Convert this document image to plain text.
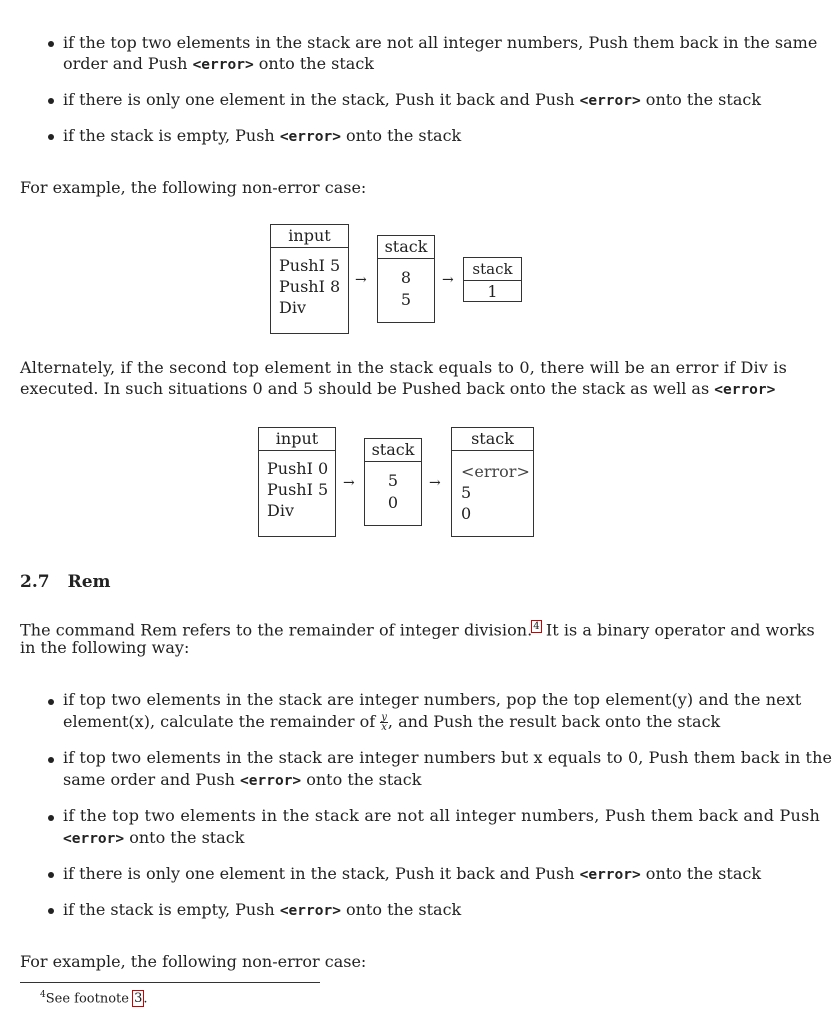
if the top two elements in the stack are not all integer numbers, Push them back in the same
order and Push <error> onto the stack
if there is only one element in the stack, Push it back and Push <error> onto the stack
if the stack is empty, Push <error> onto the stack
For example, the following non-error case:
input
PushI 5
PushI 8
Div
→
stack
8
5
→
stack
1
Alternately, if the second top element in the stack equals to 0, there will be an error if Div is
executed. In such situations 0 and 5 should be Pushed back onto the stack as well as <error>
input
PushI 0
PushI 5
Div
→
stack
5
0
→
stack
<error>
5
0
2.7 Rem
The command Rem refers to the remainder of integer division.$^4$ It is a binary operator and works
in the following way:
if top two elements in the stack are integer numbers, pop the top element(y) and the next
element(x), calculate the remainder of $\frac{y}{x}$ , and Push the result back onto the stack
if top two elements in the stack are integer numbers but x equals to 0, Push them back in the
same order and Push <error> onto the stack
if the top two elements in the stack are not all integer numbers, Push them back and Push
<error> onto the stack
if there is only one element in the stack, Push it back and Push <error> onto the stack
if the stack is empty, Push <error> onto the stack
For example, the following non-error case:
$^4$See footnote 3.
